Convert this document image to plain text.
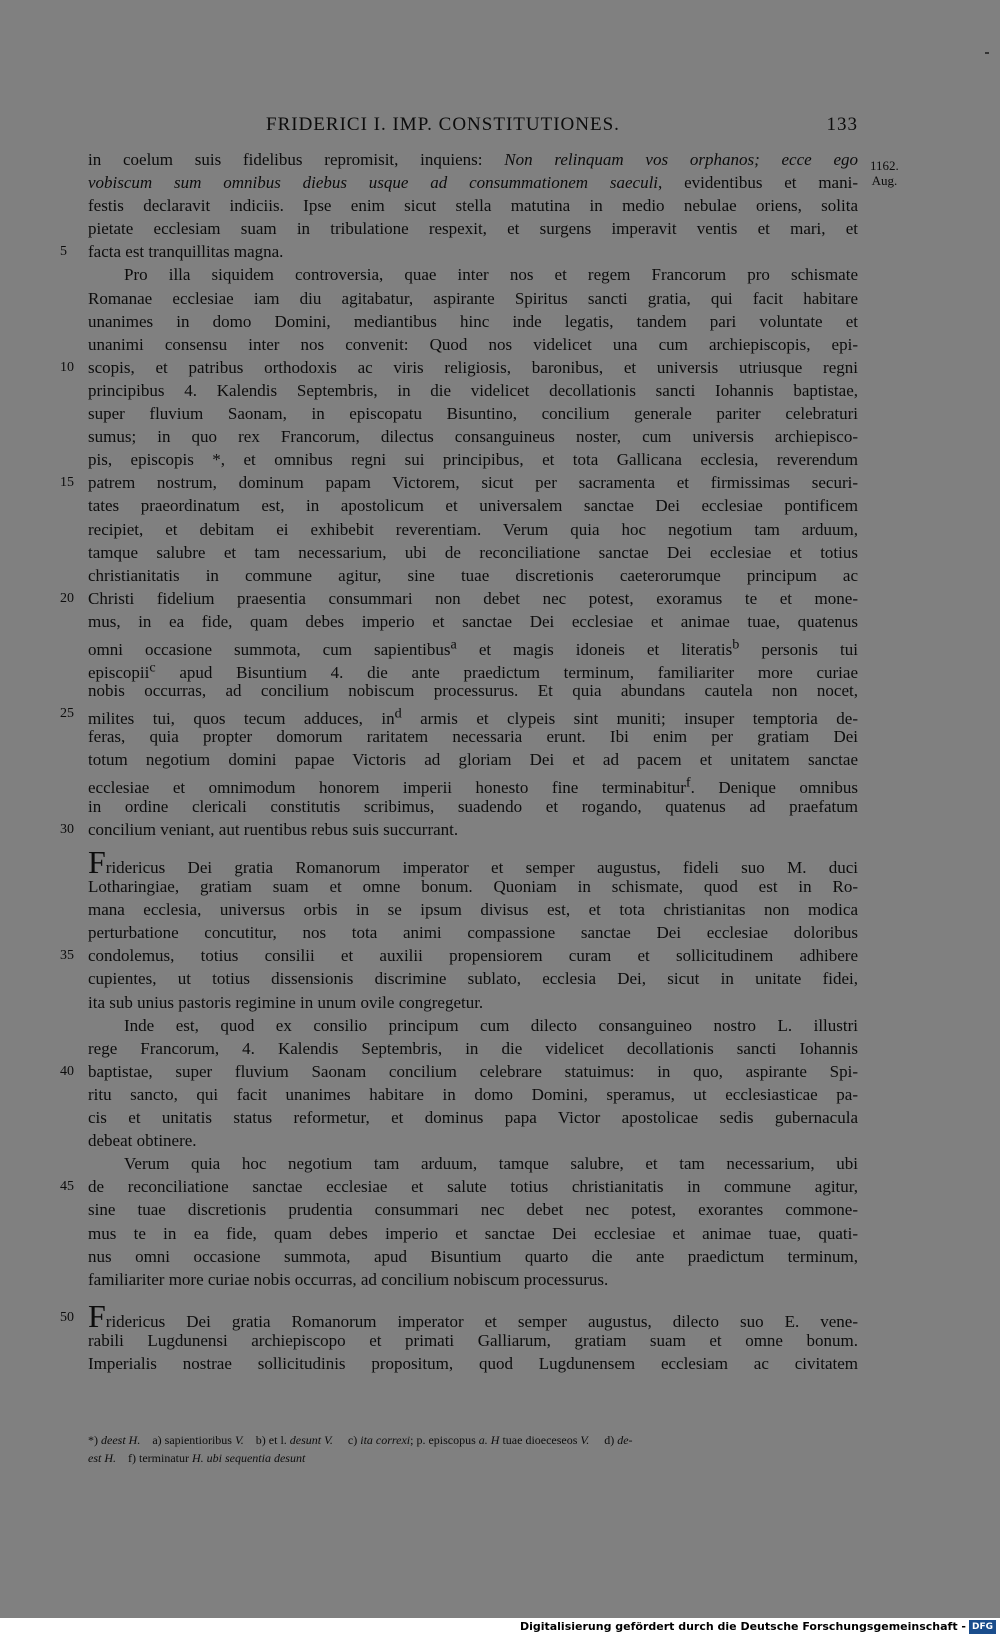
FRIDERICI I. IMP. CONSTITUTIONES.	133
1162.
Aug.
in coelum suis fidelibus repromisit, inquiens: Non relinquam vos orphanos; ecce ego
vobiscum sum omnibus diebus usque ad consummationem saeculi, evidentibus et mani-
festis declaravit indiciis. Ipse enim sicut stella matutina in medio nebulae oriens, solita
pietate ecclesiam suam in tribulatione respexit, et surgens imperavit ventis et mari, et
5	facta est tranquillitas magna.
Pro illa siquidem controversia, quae inter nos et regem Francorum pro schismate
Romanae ecclesiae iam diu agitabatur, aspirante Spiritus sancti gratia, qui facit habitare
unanimes in domo Domini, mediantibus hinc inde legatis, tandem pari voluntate et
unanimi consensu inter nos convenit: Quod nos videlicet una cum archiepiscopis, epi-
10 scopis, et patribus orthodoxis ac viris religiosis, baronibus, et universis utriusque regni
principibus 4. Kalendis Septembris, in die videlicet decollationis sancti Iohannis baptistae,
super fluvium Saonam, in episcopatu Bisuntino, concilium generale pariter celebraturi
sumus; in quo rex Francorum, dilectus consanguineus noster, cum universis archiepisco-
pis, episcopis *, et omnibus regni sui principibus, et tota Gallicana ecclesia, reverendum
15 patrem nostrum, dominum papam Victorem, sicut per sacramenta et firmissimas securi-
tates praeordinatum est, in apostolicum et universalem sanctae Dei ecclesiae pontificem
recipiet, et debitam ei exhibebit reverentiam. Verum quia hoc negotium tam arduum,
tamque salubre et tam necessarium, ubi de reconciliatione sanctae Dei ecclesiae et totius
christianitatis in commune agitur, sine tuae discretionis caeterorumque principum ac
20 Christi fidelium praesentia consummari non debet nec potest, exoramus te et mone-
mus, in ea fide, quam debes imperio et sanctae Dei ecclesiae et animae tuae, quatenus
omni occasione summota, cum sapientibus$^a$ et magis idoneis et literatis$^b$ personis tui
episcopii$^c$ apud Bisuntium 4. die ante praedictum terminum, familiariter more curiae
nobis occurras, ad concilium nobiscum processurus. Et quia abundans cautela non nocet,
25 milites tui, quos tecum adduces, $in^d$ armis et clypeis sint muniti; insuper temptoria de-
feras, quia propter domorum raritatem necessaria erunt. Ibi enim per gratiam Dei
totum negotium domini papae Victoris ad gloriam Dei et ad pacem et unitatem sanctae
ecclesiae et omnimodum honorem imperii honesto fine terminabitur$^f$. Denique omnibus
in ordine clericali constitutis scribimus, suadendo et rogando, quatenus ad praefatum
30 concilium veniant, aut ruentibus rebus suis succurrant.
Fridericus Dei gratia Romanorum imperator et semper augustus, fideli suo M. duci
Lotharingiae, gratiam suam et omne bonum. Quoniam in schismate, quod est in Ro-
mana ecclesia, universus orbis in se ipsum divisus est, et tota christianitas non modica
perturbatione concutitur, nos tota animi compassione sanctae Dei ecclesiae doloribus
35 condolemus, totius consilii et auxilii propensiorem curam et sollicitudinem adhibere
cupientes, ut totius dissensionis discrimine sublato, ecclesia Dei, sicut in unitate fidei,
ita sub unius pastoris regimine in unum ovile congregetur.
Inde est, quod ex consilio principum cum dilecto consanguineo nostro L. illustri
rege Francorum, 4. Kalendis Septembris, in die videlicet decollationis sancti Iohannis
40 baptistae, super fluvium Saonam concilium celebrare statuimus: in quo, aspirante Spi-
ritu sancto, qui facit unanimes habitare in domo Domini, speramus, ut ecclesiasticae pa-
cis et unitatis status reformetur, et dominus papa Victor apostolicae sedis gubernacula
debeat obtinere.
Verum quia hoc negotium tam arduum, tamque salubre, et tam necessarium, ubi
45 de reconciliatione sanctae ecclesiae et salute totius christianitatis in commune agitur,
sine tuae discretionis prudentia consummari nec debet nec potest, exorantes commone-
mus te in ea fide, quam debes imperio et sanctae Dei ecclesiae et animae tuae, quati-
nus omni occasione summota, apud Bisuntium quarto die ante praedictum terminum,
familiariter more curiae nobis occurras, ad concilium nobiscum processurus.
50 Fridericus Dei gratia Romanorum imperator et semper augustus, dilecto suo E. vene-
rabili Lugdunensi archiepiscopo et primati Galliarum, gratiam suam et omne bonum.
Imperialis nostrae sollicitudinis propositum, quod Lugdunensem ecclesiam ac civitatem
*) deest H.    a) sapientioribus V.    b) et l. desunt V.     c) ita correxi; p. episcopus a. H tuae dioeceseos V.     d) de-
est H.    f) terminatur H. ubi sequentia desunt
Digitalisierung gefördert durch die Deutsche Forschungsgemeinschaft - DFG
